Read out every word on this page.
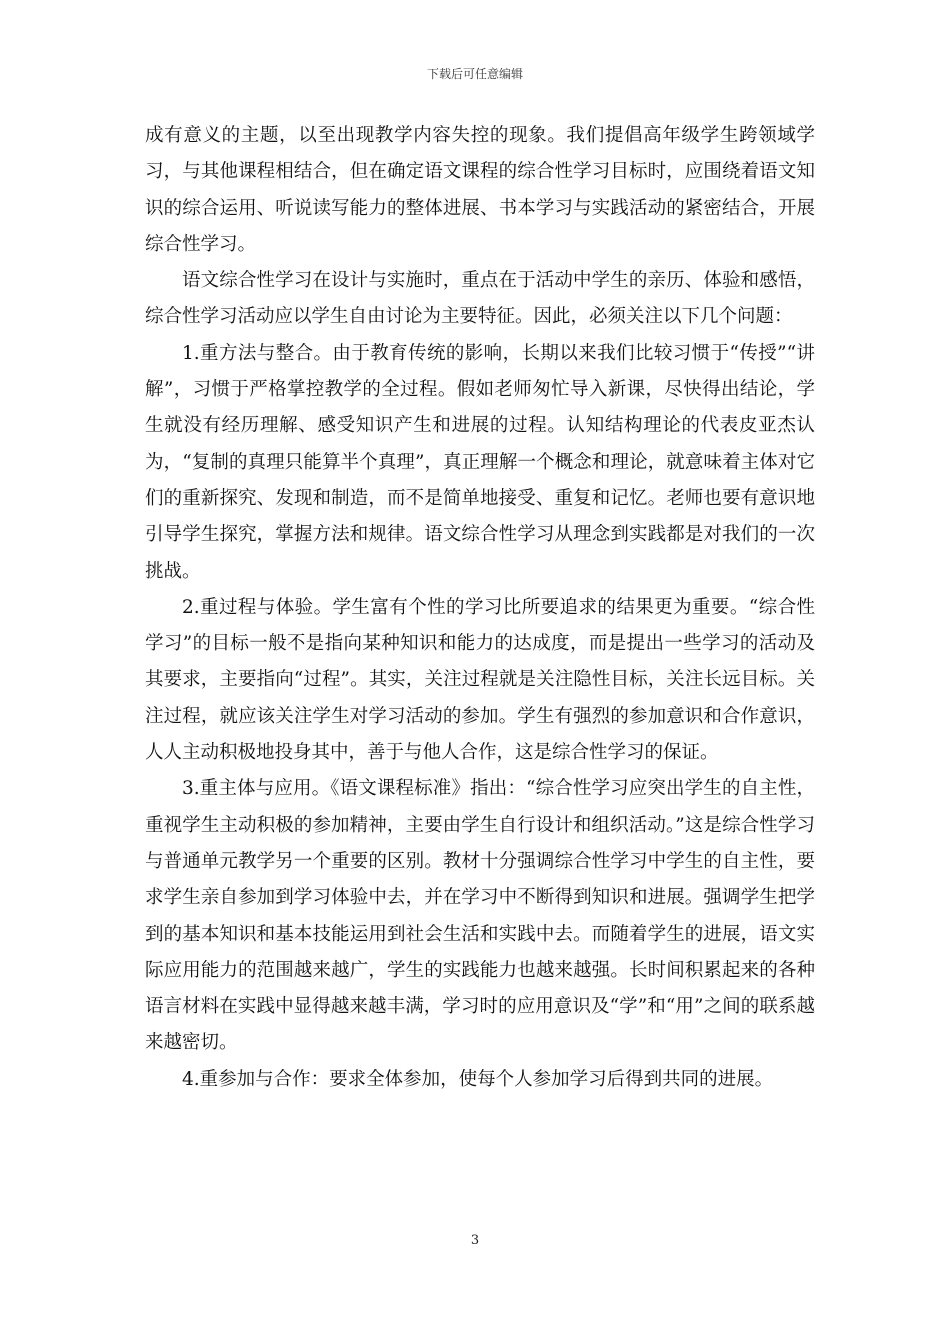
下载后可任意编辑

成有意义的主题，以至出现教学内容失控的现象。我们提倡高年级学生跨领域学习，与其他课程相结合，但在确定语文课程的综合性学习目标时，应围绕着语文知识的综合运用、听说读写能力的整体进展、书本学习与实践活动的紧密结合，开展综合性学习。

语文综合性学习在设计与实施时，重点在于活动中学生的亲历、体验和感悟，综合性学习活动应以学生自由讨论为主要特征。因此，必须关注以下几个问题：

1.重方法与整合。由于教育传统的影响，长期以来我们比较习惯于“传授”“讲解”，习惯于严格掌控教学的全过程。假如老师匆忙导入新课，尽快得出结论，学生就没有经历理解、感受知识产生和进展的过程。认知结构理论的代表皮亚杰认为，“复制的真理只能算半个真理”，真正理解一个概念和理论，就意味着主体对它们的重新探究、发现和制造，而不是简单地接受、重复和记忆。老师也要有意识地引导学生探究，掌握方法和规律。语文综合性学习从理念到实践都是对我们的一次挑战。

2.重过程与体验。学生富有个性的学习比所要追求的结果更为重要。“综合性学习”的目标一般不是指向某种知识和能力的达成度，而是提出一些学习的活动及其要求，主要指向“过程”。其实，关注过程就是关注隐性目标，关注长远目标。关注过程，就应该关注学生对学习活动的参加。学生有强烈的参加意识和合作意识，人人主动积极地投身其中，善于与他人合作，这是综合性学习的保证。

3.重主体与应用。《语文课程标准》指出：“综合性学习应突出学生的自主性，重视学生主动积极的参加精神，主要由学生自行设计和组织活动。”这是综合性学习与普通单元教学另一个重要的区别。教材十分强调综合性学习中学生的自主性，要求学生亲自参加到学习体验中去，并在学习中不断得到知识和进展。强调学生把学到的基本知识和基本技能运用到社会生活和实践中去。而随着学生的进展，语文实际应用能力的范围越来越广，学生的实践能力也越来越强。长时间积累起来的各种语言材料在实践中显得越来越丰满，学习时的应用意识及“学”和“用”之间的联系越来越密切。

4.重参加与合作：要求全体参加，使每个人参加学习后得到共同的进展。

3
